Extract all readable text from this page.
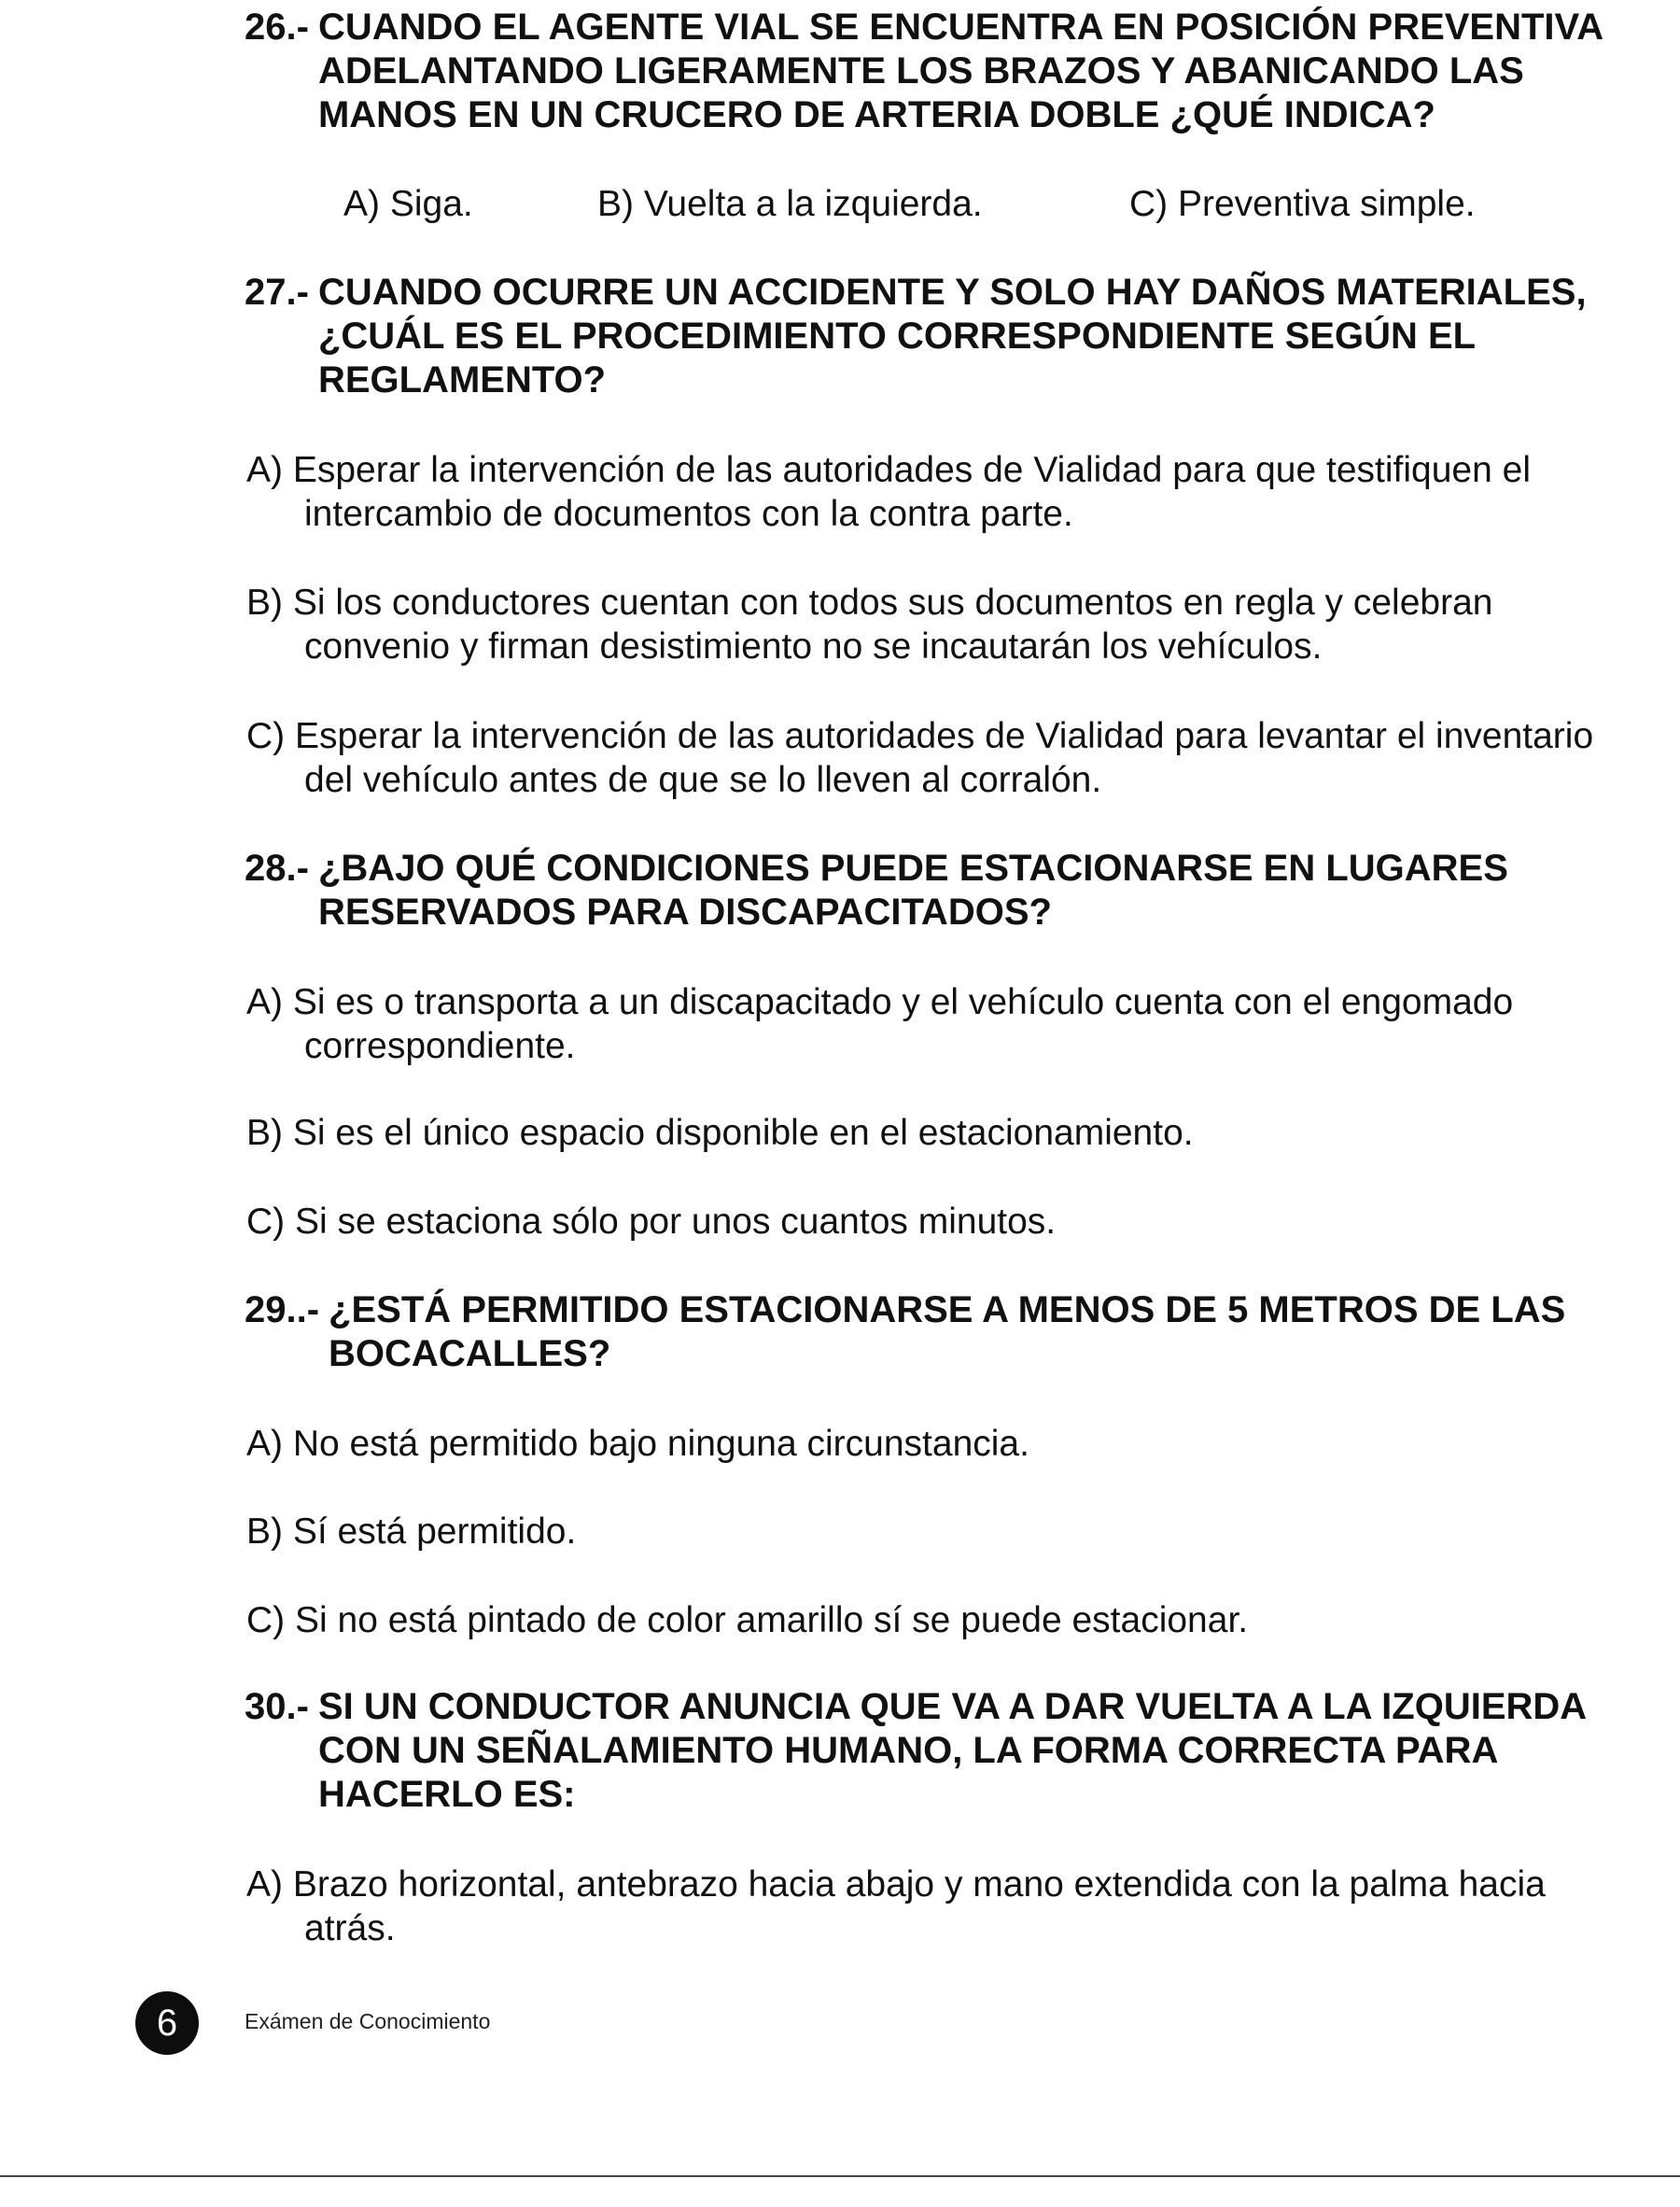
26.- CUANDO EL AGENTE VIAL SE ENCUENTRA EN POSICIÓN PREVENTIVA
ADELANTANDO LIGERAMENTE LOS BRAZOS Y ABANICANDO LAS
MANOS EN UN CRUCERO DE ARTERIA DOBLE ¿QUÉ INDICA?
A) Siga.	B) Vuelta a la izquierda.	C) Preventiva simple.
27.- CUANDO OCURRE UN ACCIDENTE Y SOLO HAY DAÑOS MATERIALES,
¿CUÁL ES EL PROCEDIMIENTO CORRESPONDIENTE SEGÚN EL
REGLAMENTO?
A) Esperar la intervención de las autoridades de Vialidad para que testifiquen el
intercambio de documentos con la contra parte.
B) Si los conductores cuentan con todos sus documentos en regla y celebran
convenio y firman desistimiento no se incautarán los vehículos.
C) Esperar la intervención de las autoridades de Vialidad para levantar el inventario
del vehículo antes de que se lo lleven al corralón.
28.- ¿BAJO QUÉ CONDICIONES PUEDE ESTACIONARSE EN LUGARES
RESERVADOS PARA DISCAPACITADOS?
A) Si es o transporta a un discapacitado y el vehículo cuenta con el engomado
correspondiente.
B) Si es el único espacio disponible en el estacionamiento.
C) Si se estaciona sólo por unos cuantos minutos.
29..- ¿ESTÁ PERMITIDO ESTACIONARSE A MENOS DE 5 METROS DE LAS
BOCACALLES?
A) No está permitido bajo ninguna circunstancia.
B) Sí está permitido.
C) Si no está pintado de color amarillo sí se puede estacionar.
30.- SI UN CONDUCTOR ANUNCIA QUE VA A DAR VUELTA A LA IZQUIERDA
CON UN SEÑALAMIENTO HUMANO, LA FORMA CORRECTA PARA
HACERLO ES:
A) Brazo horizontal, antebrazo hacia abajo y mano extendida con la palma hacia
atrás.
6	Exámen de Conocimiento
